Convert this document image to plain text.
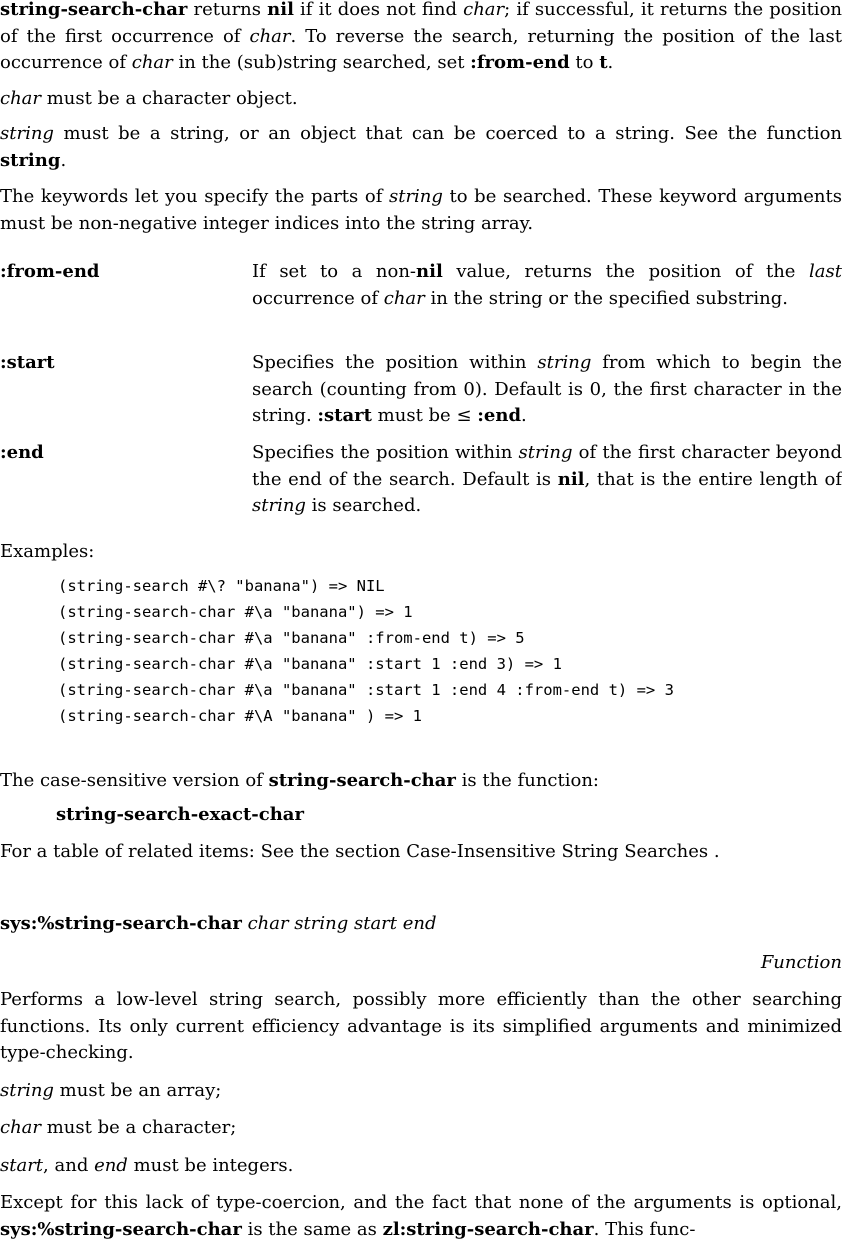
string-search-char returns nil if it does not find char; if successful, it returns the position of the first occurrence of char. To reverse the search, returning the position of the last occurrence of char in the (sub)string searched, set :from-end to t.

char must be a character object.

string must be a string, or an object that can be coerced to a string. See the function string.

The keywords let you specify the parts of string to be searched. These keyword arguments must be non-negative integer indices into the string array.

:from-end	If set to a non-nil value, returns the position of the last occurrence of char in the string or the specified substring.

:start	Specifies the position within string from which to begin the search (counting from 0). Default is 0, the first character in the string. :start must be ≤ :end.

:end	Specifies the position within string of the first character beyond the end of the search. Default is nil, that is the entire length of string is searched.

Examples:

(string-search #\? "banana") => NIL
(string-search-char #\a "banana") => 1
(string-search-char #\a "banana" :from-end t) => 5
(string-search-char #\a "banana" :start 1 :end 3) => 1
(string-search-char #\a "banana" :start 1 :end 4 :from-end t) => 3
(string-search-char #\A "banana" ) => 1

The case-sensitive version of string-search-char is the function:

string-search-exact-char

For a table of related items: See the section Case-Insensitive String Searches .

sys:%string-search-char char string start end

Function

Performs a low-level string search, possibly more efficiently than the other searching functions. Its only current efficiency advantage is its simplified arguments and minimized type-checking.

string must be an array;

char must be a character;

start, and end must be integers.

Except for this lack of type-coercion, and the fact that none of the arguments is optional, sys:%string-search-char is the same as zl:string-search-char. This func-
